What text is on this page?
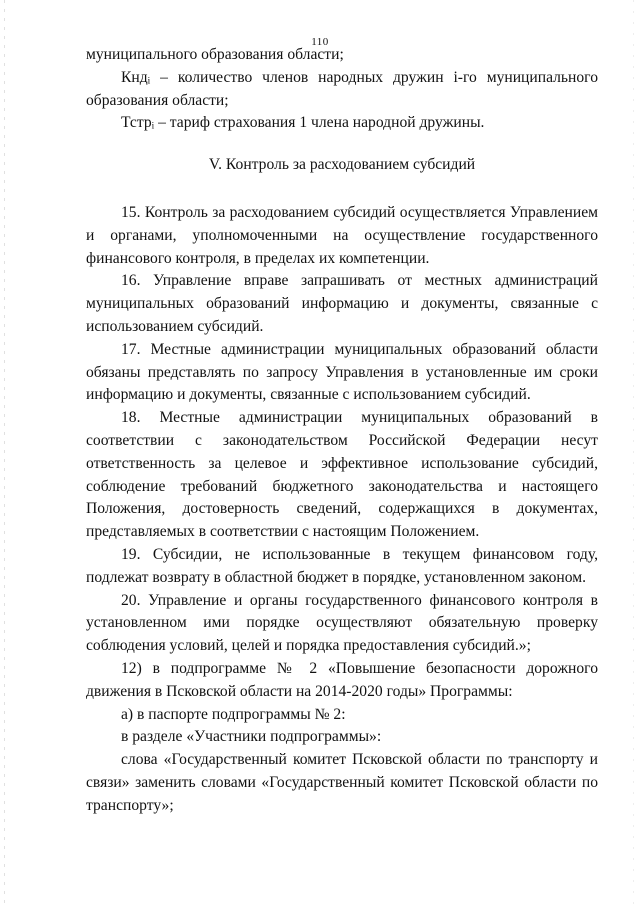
110

муниципального образования области;

Кндᵢ – количество членов народных дружин i-го муниципального образования области;

Тстрᵢ – тариф страхования 1 члена народной дружины.

V. Контроль за расходованием субсидий

15. Контроль за расходованием субсидий осуществляется Управлением и органами, уполномоченными на осуществление государственного финансового контроля, в пределах их компетенции.

16. Управление вправе запрашивать от местных администраций муниципальных образований информацию и документы, связанные с использованием субсидий.

17. Местные администрации муниципальных образований области обязаны представлять по запросу Управления в установленные им сроки информацию и документы, связанные с использованием субсидий.

18. Местные администрации муниципальных образований в соответствии с законодательством Российской Федерации несут ответственность за целевое и эффективное использование субсидий, соблюдение требований бюджетного законодательства и настоящего Положения, достоверность сведений, содержащихся в документах, представляемых в соответствии с настоящим Положением.

19. Субсидии, не использованные в текущем финансовом году, подлежат возврату в областной бюджет в порядке, установленном законом.

20. Управление и органы государственного финансового контроля в установленном ими порядке осуществляют обязательную проверку соблюдения условий, целей и порядка предоставления субсидий.»;

12) в подпрограмме № 2 «Повышение безопасности дорожного движения в Псковской области на 2014-2020 годы» Программы:

а) в паспорте подпрограммы № 2:

в разделе «Участники подпрограммы»:

слова «Государственный комитет Псковской области по транспорту и связи» заменить словами «Государственный комитет Псковской области по транспорту»;
